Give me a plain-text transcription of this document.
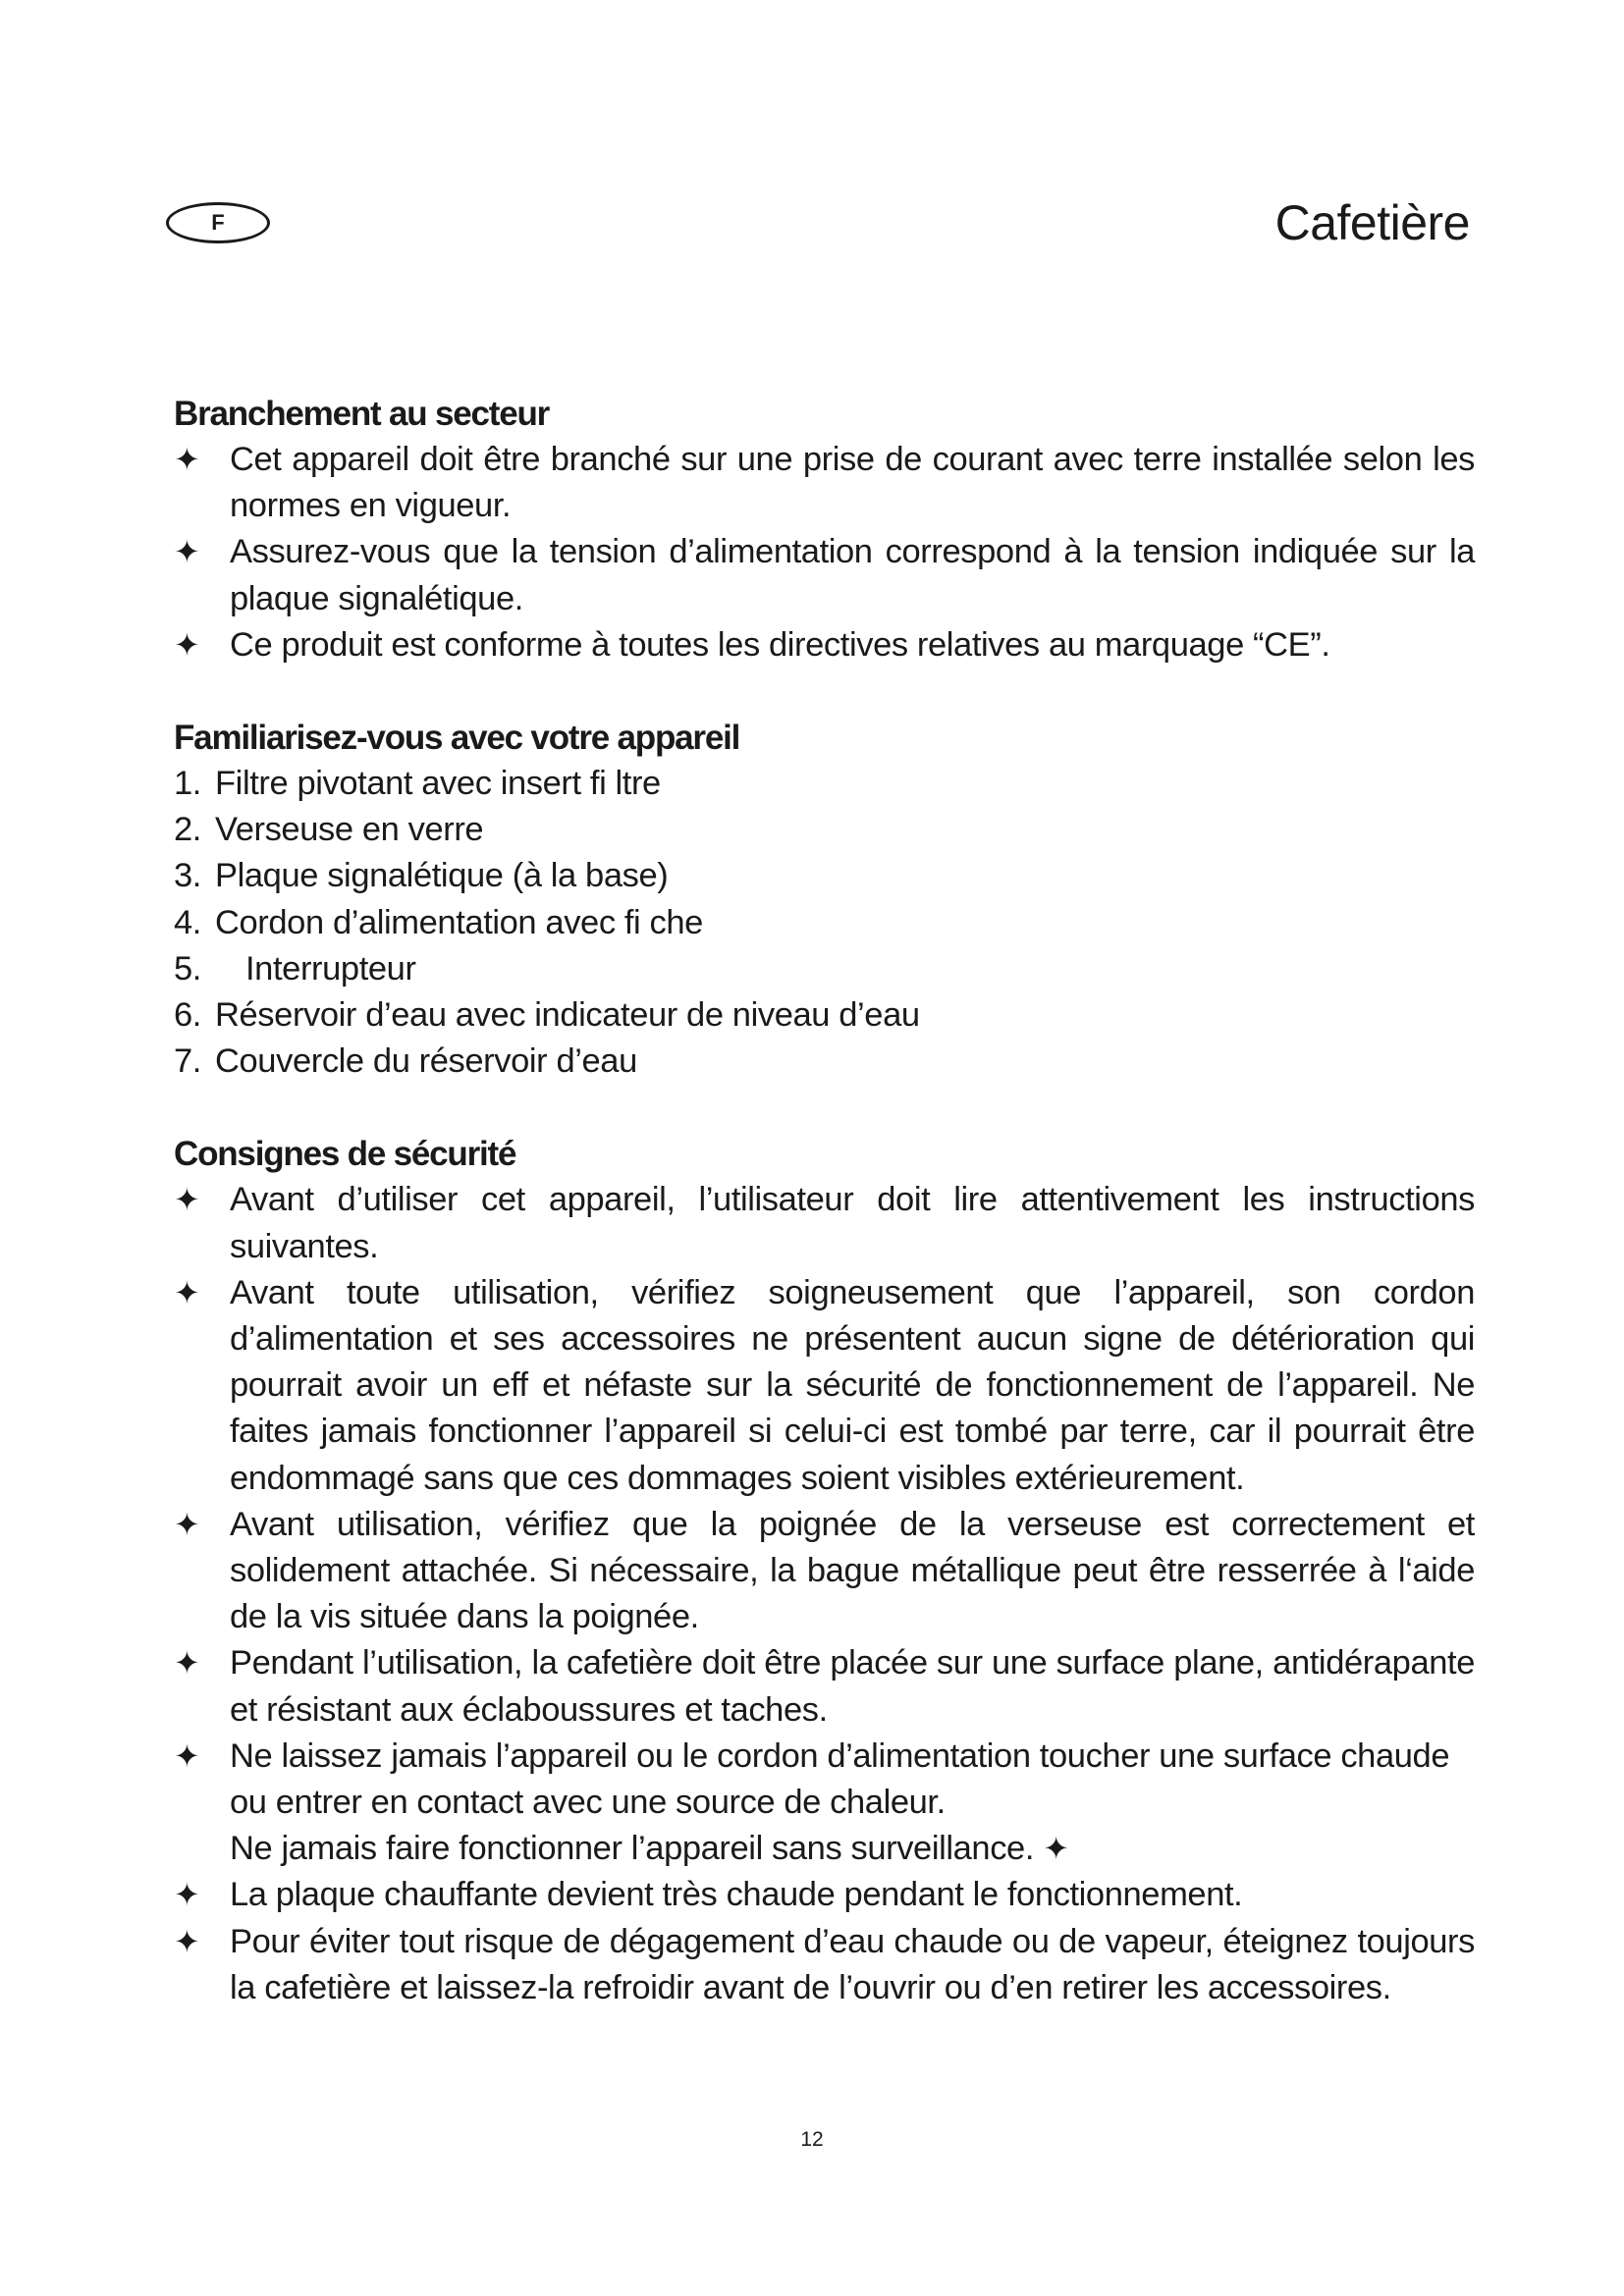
F	Cafetière
Branchement au secteur
✦ Cet appareil doit être branché sur une prise de courant avec terre installée selon les normes en vigueur.
✦ Assurez-vous que la tension d’alimentation correspond à la tension indiquée sur la plaque signalétique.
✦ Ce produit est conforme à toutes les directives relatives au marquage “CE”.
Familiarisez-vous avec votre appareil
1. Filtre pivotant avec insert fi ltre
2. Verseuse en verre
3. Plaque signalétique (à la base)
4. Cordon d’alimentation avec fi che
5. Interrupteur
6. Réservoir d’eau avec indicateur de niveau d’eau
7. Couvercle du réservoir d’eau
Consignes de sécurité
✦ Avant d’utiliser cet appareil, l’utilisateur doit lire attentivement les instructions suivantes.
✦ Avant toute utilisation, vérifiez soigneusement que l’appareil, son cordon d’alimentation et ses accessoires ne présentent aucun signe de détérioration qui pourrait avoir un eff et néfaste sur la sécurité de fonctionnement de l’appareil. Ne faites jamais fonctionner l’appareil si celui-ci est tombé par terre, car il pourrait être endommagé sans que ces dommages soient visibles extérieurement.
✦ Avant utilisation, vérifiez que la poignée de la verseuse est correctement et solidement attachée. Si nécessaire, la bague métallique peut être resserrée à l‘aide de la vis située dans la poignée.
✦ Pendant l’utilisation, la cafetière doit être placée sur une surface plane, antidérapante et résistant aux éclaboussures et taches.
✦ Ne laissez jamais l’appareil ou le cordon d’alimentation toucher une surface chaude ou entrer en contact avec une source de chaleur.
Ne jamais faire fonctionner l’appareil sans surveillance. ✦
✦ La plaque chauffante devient très chaude pendant le fonctionnement.
✦ Pour éviter tout risque de dégagement d’eau chaude ou de vapeur, éteignez toujours la cafetière et laissez-la refroidir avant de l’ouvrir ou d’en retirer les accessoires.

12
